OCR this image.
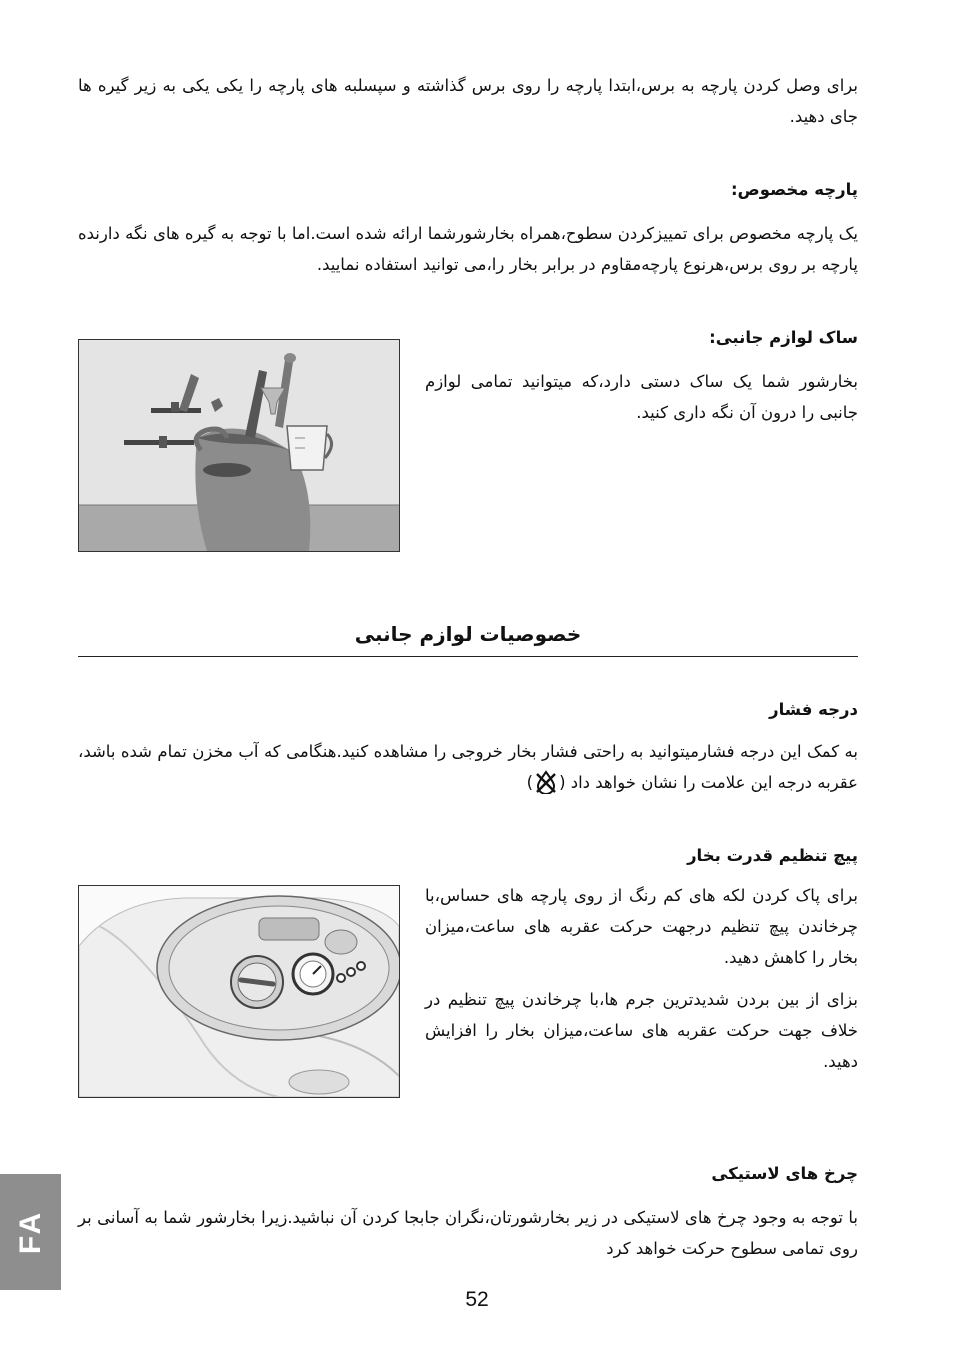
برای وصل کردن پارچه به برس،ابتدا پارچه را روی برس گذاشته و سپسلبه های پارچه را یکی یکی به زیر گیره ها جای دهید.
پارچه مخصوص:
یک پارچه مخصوص برای تمییزکردن سطوح،همراه بخارشورشما ارائه شده است.اما با توجه به گیره های نگه دارنده پارچه بر روی برس،هرنوع پارچه‌مقاوم در برابر بخار را،می توانید استفاده نمایید.
ساک لوازم جانبی:
بخارشور شما یک ساک دستی دارد،که میتوانید تمامی لوازم جانبی را درون آن نگه داری کنید.
خصوصیات لوازم جانبی
درجه فشار
به کمک این درجه فشارمیتوانید به راحتی فشار بخار خروجی را مشاهده کنید.هنگامی که آب مخزن تمام شده باشد، عقربه درجه این علامت را نشان خواهد داد ()
پیچ تنظیم قدرت بخار
برای پاک کردن لکه های کم رنگ از روی پارچه های حساس،با چرخاندن پیچ تنظیم درجهت حرکت عقربه های ساعت،میزان بخار را کاهش دهید.
بزای از بین بردن شدیدترین جرم ها،با چرخاندن پیچ تنظیم در خلاف جهت حرکت عقربه های ساعت،میزان بخار را افزایش دهید.
چرخ های لاستیکی
با توجه به وجود چرخ های لاستیکی در زیر بخارشورتان،نگران جابجا کردن آن نباشید.زیرا بخارشور شما به آسانی بر روی تمامی سطوح حرکت خواهد کرد
FA
52
